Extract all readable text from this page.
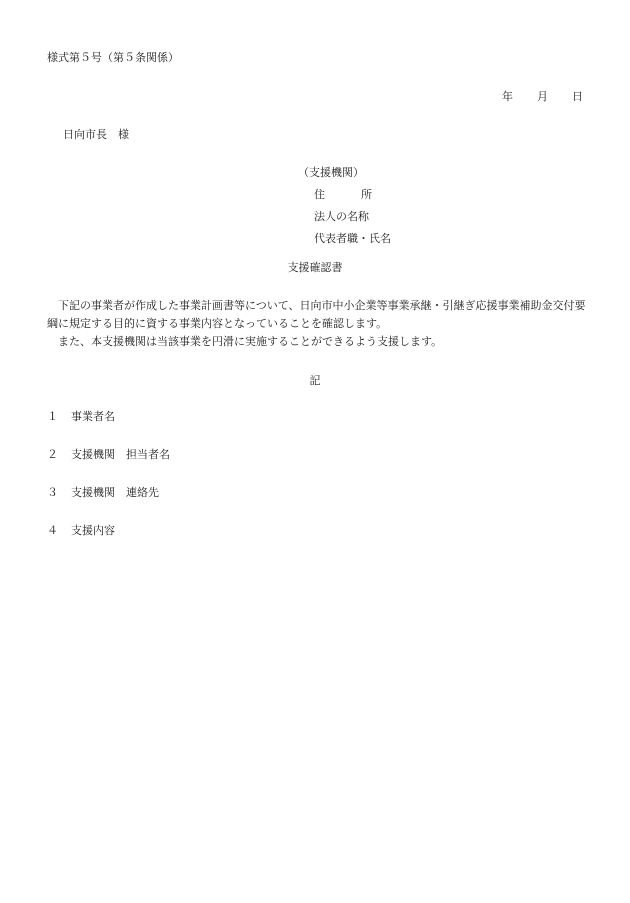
様式第５号（第５条関係）
年 月 日
日向市長 様
（支援機関）
住	所
法人の名称
代表者職・氏名
支援確認書

下記の事業者が作成した事業計画書等について、日向市中小企業等事業承継・引継ぎ応援事業補助金交付要綱に規定する目的に資する事業内容となっていることを確認します。

また、本支援機関は当該事業を円滑に実施することができるよう支援します。

記
１ 事業者名
２ 支援機関 担当者名
３ 支援機関 連絡先
４ 支援内容
